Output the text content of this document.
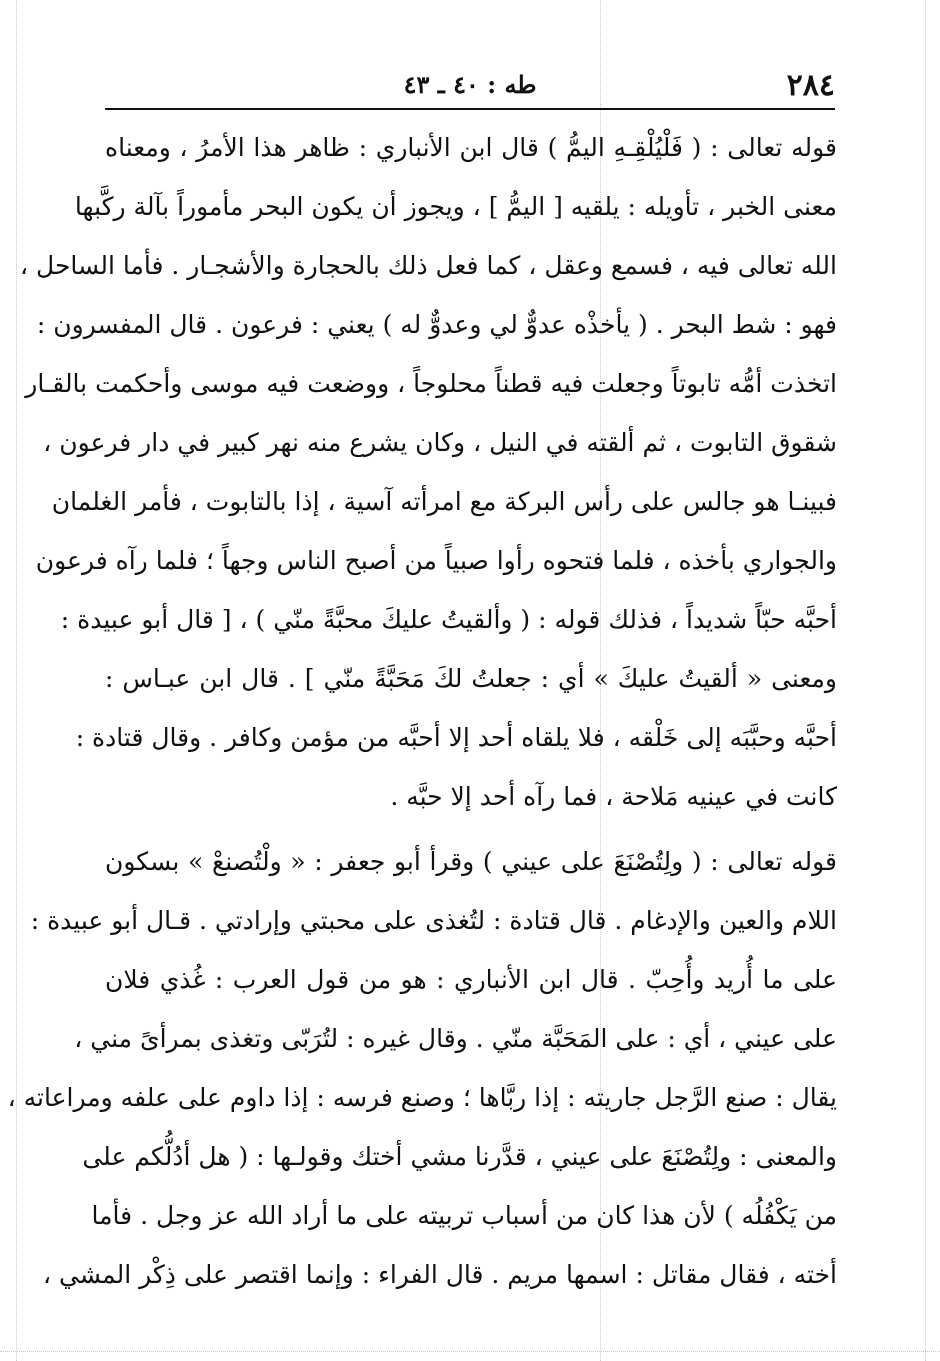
٢٨٤
طه : ٤٠ ـ ٤٣
قوله تعالى : ( فَلْيُلْقِـهِ اليمُّ ) قال ابن الأنباري : ظاهر هذا الأمرُ ، ومعناه
معنى الخبر ، تأويله : يلقيه [ اليمُّ ] ، ويجوز أن يكون البحر مأموراً بآلة ركَّبها
الله تعالى فيه ، فسمع وعقل ، كما فعل ذلك بالحجارة والأشجـار . فأما الساحل ،
فهو : شط البحر . ( يأخذْه عدوٌّ لي وعدوٌّ له ) يعني : فرعون . قال المفسرون :
اتخذت أمُّه تابوتاً وجعلت فيه قطناً محلوجاً ، ووضعت فيه موسى وأحكمت بالقـار
شقوق التابوت ، ثم ألقته في النيل ، وكان يشرع منه نهر كبير في دار فرعون ،
فبينـا هو جالس على رأس البركة مع امرأته آسية ، إذا بالتابوت ، فأمر الغلمان
والجواري بأخذه ، فلما فتحوه رأوا صبياً من أصبح الناس وجهاً ؛ فلما رآه فرعون
أحبَّه حبّاً شديداً ، فذلك قوله : ( وألقيتُ عليكَ محبَّةً منّي ) ، [ قال أبو عبيدة :
ومعنى « ألقيتُ عليكَ » أي : جعلتُ لكَ مَحَبَّةً منّي ] . قال ابن عبـاس :
أحبَّه وحبَّبَه إلى خَلْقه ، فلا يلقاه أحد إلا أحبَّه من مؤمن وكافر . وقال قتادة :
كانت في عينيه مَلاحة ، فما رآه أحد إلا حبَّه .
قوله تعالى : ( ولِتُصْنَعَ على عيني ) وقرأ أبو جعفر : « ولْتُصنعْ » بسكون
اللام والعين والإدغام . قال قتادة : لتُغذى على محبتي وإرادتي . قـال أبو عبيدة :
على ما أُريد وأُحِبّ . قال ابن الأنباري : هو من قول العرب : غُذي فلان
على عيني ، أي : على المَحَبَّة منّي . وقال غيره : لتُرَبّى وتغذى بمرأىً مني ،
يقال : صنع الرَّجل جاريته : إذا ربَّاها ؛ وصنع فرسه : إذا داوم على علفه ومراعاته ،
والمعنى : ولِتُصْنَعَ على عيني ، قدَّرنا مشي أختك وقولـها : ( هل أدُلُّكم على
من يَكْفُلُه ) لأن هذا كان من أسباب تربيته على ما أراد الله عز وجل . فأما
أخته ، فقال مقاتل : اسمها مريم . قال الفراء : وإنما اقتصر على ذِكْر المشي ،
